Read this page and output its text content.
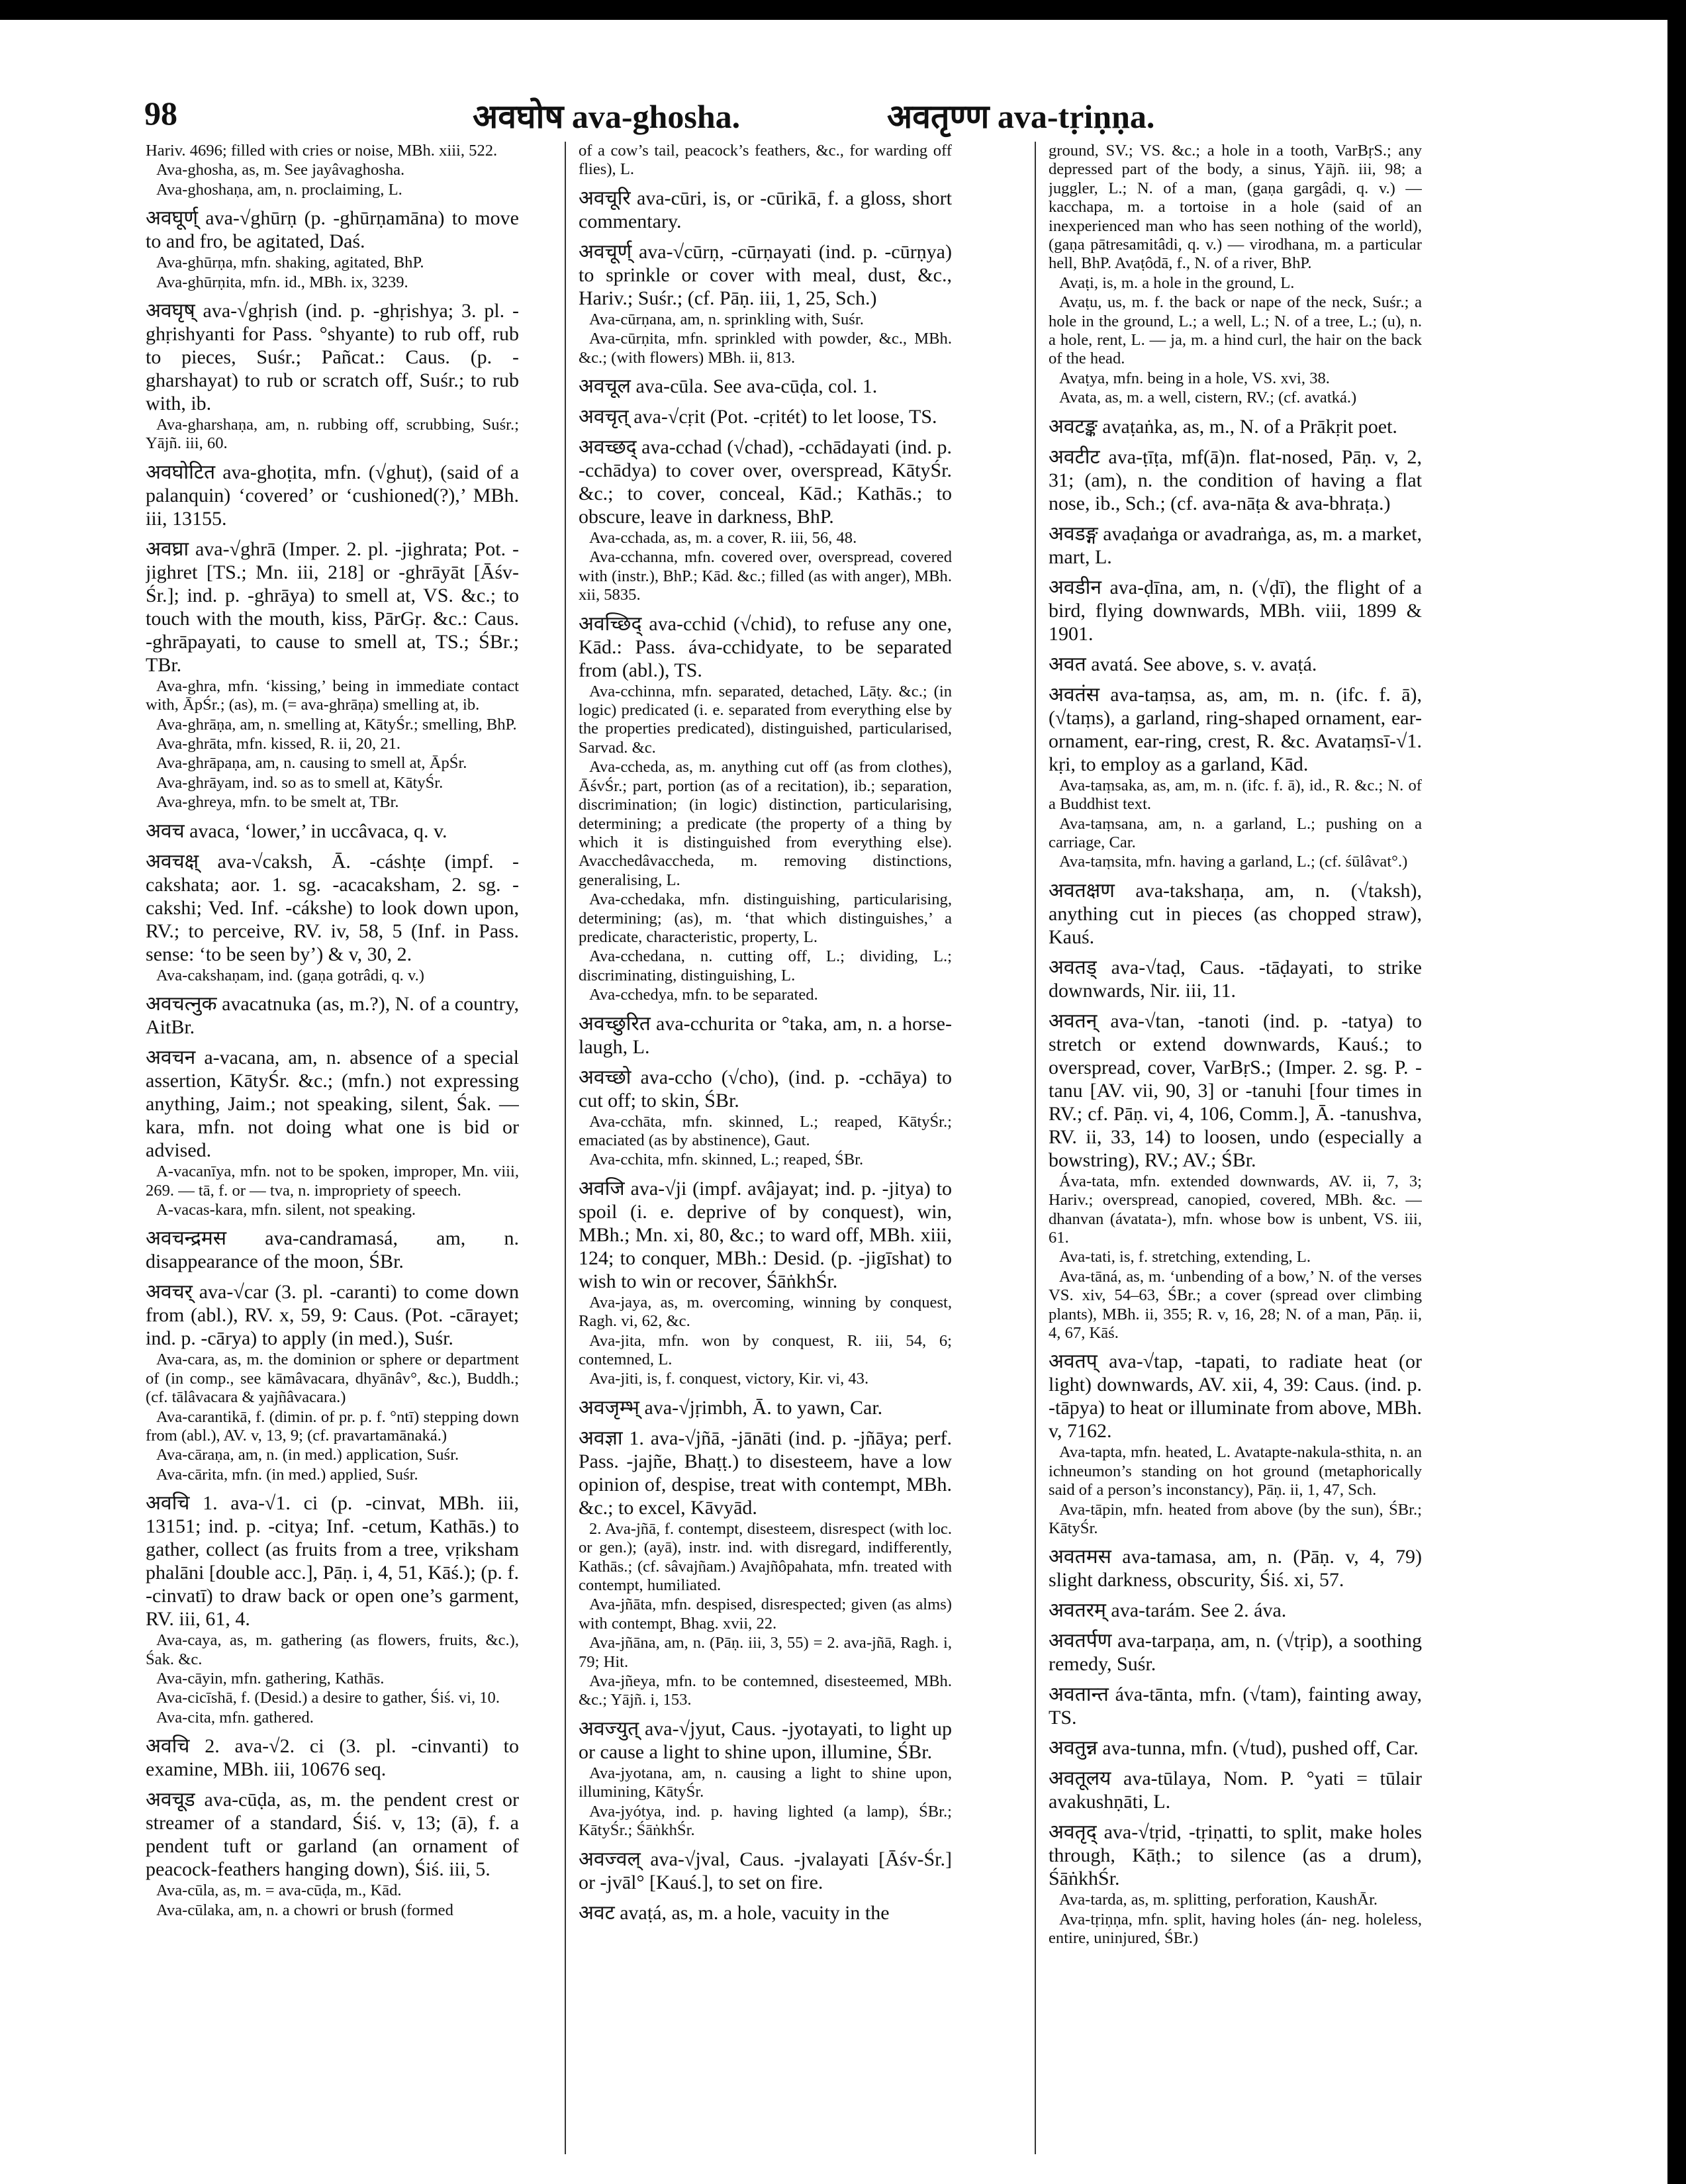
98	अवघोष ava-ghosha.	अवतृण्ण ava-tṛiṇṇa.

Hariv. 4696; filled with cries or noise, MBh. xiii, 522.

Ava-ghosha, as, m. See jayâvaghosha.

Ava-ghoshaṇa, am, n. proclaiming, L.

अवघूर्ण् ava-√ghūrṇ (p. -ghūrṇamāna) to move to and fro, be agitated, Daś.

Ava-ghūrṇa, mfn. shaking, agitated, BhP.

Ava-ghūrṇita, mfn. id., MBh. ix, 3239.

अवघृष् ava-√ghṛish (ind. p. -ghṛishya; 3. pl. -ghṛishyanti for Pass. °shyante) to rub off, rub to pieces, Suśr.; Pañcat.: Caus. (p. -gharshayat) to rub or scratch off, Suśr.; to rub with, ib.

Ava-gharshaṇa, am, n. rubbing off, scrubbing, Suśr.; Yājñ. iii, 60.

अवघोटित ava-ghoṭita, mfn. (√ghuṭ), (said of a palanquin) ‘covered’ or ‘cushioned(?),’ MBh. iii, 13155.

अवघ्रा ava-√ghrā (Imper. 2. pl. -jighrata; Pot. -jighret [TS.; Mn. iii, 218] or -ghrāyāt [Āśv-Śr.]; ind. p. -ghrāya) to smell at, VS. &c.; to touch with the mouth, kiss, PārGṛ. &c.: Caus. -ghrāpayati, to cause to smell at, TS.; ŚBr.; TBr.

Ava-ghra, mfn. ‘kissing,’ being in immediate contact with, ĀpŚr.; (as), m. (= ava-ghrāṇa) smelling at, ib.

Ava-ghrāṇa, am, n. smelling at, KātyŚr.; smelling, BhP.

Ava-ghrāta, mfn. kissed, R. ii, 20, 21.

Ava-ghrāpaṇa, am, n. causing to smell at, ĀpŚr.

Ava-ghrāyam, ind. so as to smell at, KātyŚr.

Ava-ghreya, mfn. to be smelt at, TBr.

अवच avaca, ‘lower,’ in uccâvaca, q. v.

अवचक्ष् ava-√caksh, Ā. -cáshṭe (impf. -cakshata; aor. 1. sg. -acacaksham, 2. sg. -cakshi; Ved. Inf. -cákshe) to look down upon, RV.; to perceive, RV. iv, 58, 5 (Inf. in Pass. sense: ‘to be seen by’) & v, 30, 2.

Ava-cakshaṇam, ind. (gaṇa gotrâdi, q. v.)

अवचत्नुक avacatnuka (as, m.?), N. of a country, AitBr.

अवचन a-vacana, am, n. absence of a special assertion, KātyŚr. &c.; (mfn.) not expressing anything, Jaim.; not speaking, silent, Śak. — kara, mfn. not doing what one is bid or advised.

A-vacanīya, mfn. not to be spoken, improper, Mn. viii, 269. — tā, f. or — tva, n. impropriety of speech.

A-vacas-kara, mfn. silent, not speaking.

अवचन्द्रमस ava-candramasá, am, n. disappearance of the moon, ŚBr.

अवचर् ava-√car (3. pl. -caranti) to come down from (abl.), RV. x, 59, 9: Caus. (Pot. -cārayet; ind. p. -cārya) to apply (in med.), Suśr.

Ava-cara, as, m. the dominion or sphere or department of (in comp., see kāmâvacara, dhyānâv°, &c.), Buddh.; (cf. tālâvacara & yajñâvacara.)

Ava-carantikā, f. (dimin. of pr. p. f. °ntī) stepping down from (abl.), AV. v, 13, 9; (cf. pravartamānaká.)

Ava-cāraṇa, am, n. (in med.) application, Suśr.

Ava-cārita, mfn. (in med.) applied, Suśr.

अवचि 1. ava-√1. ci (p. -cinvat, MBh. iii, 13151; ind. p. -citya; Inf. -cetum, Kathās.) to gather, collect (as fruits from a tree, vṛiksham phalāni [double acc.], Pāṇ. i, 4, 51, Kāś.); (p. f. -cinvatī) to draw back or open one’s garment, RV. iii, 61, 4.

Ava-caya, as, m. gathering (as flowers, fruits, &c.), Śak. &c.

Ava-cāyin, mfn. gathering, Kathās.

Ava-cicīshā, f. (Desid.) a desire to gather, Śiś. vi, 10.

Ava-cita, mfn. gathered.

अवचि 2. ava-√2. ci (3. pl. -cinvanti) to examine, MBh. iii, 10676 seq.

अवचूड ava-cūḍa, as, m. the pendent crest or streamer of a standard, Śiś. v, 13; (ā), f. a pendent tuft or garland (an ornament of peacock-feathers hanging down), Śiś. iii, 5.

Ava-cūla, as, m. = ava-cūḍa, m., Kād.

Ava-cūlaka, am, n. a chowri or brush (formed

of a cow’s tail, peacock’s feathers, &c., for warding off flies), L.

अवचूरि ava-cūri, is, or -cūrikā, f. a gloss, short commentary.

अवचूर्ण् ava-√cūrṇ, -cūrṇayati (ind. p. -cūrṇya) to sprinkle or cover with meal, dust, &c., Hariv.; Suśr.; (cf. Pāṇ. iii, 1, 25, Sch.)

Ava-cūrṇana, am, n. sprinkling with, Suśr.

Ava-cūrṇita, mfn. sprinkled with powder, &c., MBh. &c.; (with flowers) MBh. ii, 813.

अवचूल ava-cūla. See ava-cūḍa, col. 1.

अवचृत् ava-√cṛit (Pot. -cṛitét) to let loose, TS.

अवच्छद् ava-cchad (√chad), -cchādayati (ind. p. -cchādya) to cover over, overspread, KātyŚr. &c.; to cover, conceal, Kād.; Kathās.; to obscure, leave in darkness, BhP.

Ava-cchada, as, m. a cover, R. iii, 56, 48.

Ava-cchanna, mfn. covered over, overspread, covered with (instr.), BhP.; Kād. &c.; filled (as with anger), MBh. xii, 5835.

अवच्छिद् ava-cchid (√chid), to refuse any one, Kād.: Pass. áva-cchidyate, to be separated from (abl.), TS.

Ava-cchinna, mfn. separated, detached, Lāṭy. &c.; (in logic) predicated (i. e. separated from everything else by the properties predicated), distinguished, particularised, Sarvad. &c.

Ava-ccheda, as, m. anything cut off (as from clothes), ĀśvŚr.; part, portion (as of a recitation), ib.; separation, discrimination; (in logic) distinction, particularising, determining; a predicate (the property of a thing by which it is distinguished from everything else). Avacchedâvaccheda, m. removing distinctions, generalising, L.

Ava-cchedaka, mfn. distinguishing, particularising, determining; (as), m. ‘that which distinguishes,’ a predicate, characteristic, property, L.

Ava-cchedana, n. cutting off, L.; dividing, L.; discriminating, distinguishing, L.

Ava-cchedya, mfn. to be separated.

अवच्छुरित ava-cchurita or °taka, am, n. a horse-laugh, L.

अवच्छो ava-ccho (√cho), (ind. p. -cchāya) to cut off; to skin, ŚBr.

Ava-cchāta, mfn. skinned, L.; reaped, KātyŚr.; emaciated (as by abstinence), Gaut.

Ava-cchita, mfn. skinned, L.; reaped, ŚBr.

अवजि ava-√ji (impf. avâjayat; ind. p. -jitya) to spoil (i. e. deprive of by conquest), win, MBh.; Mn. xi, 80, &c.; to ward off, MBh. xiii, 124; to conquer, MBh.: Desid. (p. -jigīshat) to wish to win or recover, ŚāṅkhŚr.

Ava-jaya, as, m. overcoming, winning by conquest, Ragh. vi, 62, &c.

Ava-jita, mfn. won by conquest, R. iii, 54, 6; contemned, L.

Ava-jiti, is, f. conquest, victory, Kir. vi, 43.

अवजृम्भ् ava-√jṛimbh, Ā. to yawn, Car.

अवज्ञा 1. ava-√jñā, -jānāti (ind. p. -jñāya; perf. Pass. -jajñe, Bhaṭṭ.) to disesteem, have a low opinion of, despise, treat with contempt, MBh. &c.; to excel, Kāvyād.

2. Ava-jñā, f. contempt, disesteem, disrespect (with loc. or gen.); (ayā), instr. ind. with disregard, indifferently, Kathās.; (cf. sâvajñam.) Avajñôpahata, mfn. treated with contempt, humiliated.

Ava-jñāta, mfn. despised, disrespected; given (as alms) with contempt, Bhag. xvii, 22.

Ava-jñāna, am, n. (Pāṇ. iii, 3, 55) = 2. ava-jñā, Ragh. i, 79; Hit.

Ava-jñeya, mfn. to be contemned, disesteemed, MBh. &c.; Yājñ. i, 153.

अवज्युत् ava-√jyut, Caus. -jyotayati, to light up or cause a light to shine upon, illumine, ŚBr.

Ava-jyotana, am, n. causing a light to shine upon, illumining, KātyŚr.

Ava-jyótya, ind. p. having lighted (a lamp), ŚBr.; KātyŚr.; ŚāṅkhŚr.

अवज्वल् ava-√jval, Caus. -jvalayati [Āśv-Śr.] or -jvāl° [Kauś.], to set on fire.

अवट avaṭá, as, m. a hole, vacuity in the

ground, SV.; VS. &c.; a hole in a tooth, VarBṛS.; any depressed part of the body, a sinus, Yājñ. iii, 98; a juggler, L.; N. of a man, (gaṇa gargâdi, q. v.) — kacchapa, m. a tortoise in a hole (said of an inexperienced man who has seen nothing of the world), (gaṇa pātresamitâdi, q. v.) — virodhana, m. a particular hell, BhP. Avaṭôdā, f., N. of a river, BhP.

Avaṭi, is, m. a hole in the ground, L.

Avaṭu, us, m. f. the back or nape of the neck, Suśr.; a hole in the ground, L.; a well, L.; N. of a tree, L.; (u), n. a hole, rent, L. — ja, m. a hind curl, the hair on the back of the head.

Avaṭya, mfn. being in a hole, VS. xvi, 38.

Avata, as, m. a well, cistern, RV.; (cf. avatká.)

अवटङ्क avaṭaṅka, as, m., N. of a Prākṛit poet.

अवटीट ava-ṭīṭa, mf(ā)n. flat-nosed, Pāṇ. v, 2, 31; (am), n. the condition of having a flat nose, ib., Sch.; (cf. ava-nāṭa & ava-bhraṭa.)

अवडङ्ग avaḍaṅga or avadraṅga, as, m. a market, mart, L.

अवडीन ava-ḍīna, am, n. (√ḍī), the flight of a bird, flying downwards, MBh. viii, 1899 & 1901.

अवत avatá. See above, s. v. avaṭá.

अवतंस ava-taṃsa, as, am, m. n. (ifc. f. ā), (√taṃs), a garland, ring-shaped ornament, ear-ornament, ear-ring, crest, R. &c. Avataṃsī-√1. kṛi, to employ as a garland, Kād.

Ava-taṃsaka, as, am, m. n. (ifc. f. ā), id., R. &c.; N. of a Buddhist text.

Ava-taṃsana, am, n. a garland, L.; pushing on a carriage, Car.

Ava-taṃsita, mfn. having a garland, L.; (cf. śūlâvat°.)

अवतक्षण ava-takshaṇa, am, n. (√taksh), anything cut in pieces (as chopped straw), Kauś.

अवतड् ava-√taḍ, Caus. -tāḍayati, to strike downwards, Nir. iii, 11.

अवतन् ava-√tan, -tanoti (ind. p. -tatya) to stretch or extend downwards, Kauś.; to overspread, cover, VarBṛS.; (Imper. 2. sg. P. -tanu [AV. vii, 90, 3] or -tanuhi [four times in RV.; cf. Pāṇ. vi, 4, 106, Comm.], Ā. -tanushva, RV. ii, 33, 14) to loosen, undo (especially a bowstring), RV.; AV.; ŚBr.

Áva-tata, mfn. extended downwards, AV. ii, 7, 3; Hariv.; overspread, canopied, covered, MBh. &c. — dhanvan (ávatata-), mfn. whose bow is unbent, VS. iii, 61.

Ava-tati, is, f. stretching, extending, L.

Ava-tāná, as, m. ‘unbending of a bow,’ N. of the verses VS. xiv, 54–63, ŚBr.; a cover (spread over climbing plants), MBh. ii, 355; R. v, 16, 28; N. of a man, Pāṇ. ii, 4, 67, Kāś.

अवतप् ava-√tap, -tapati, to radiate heat (or light) downwards, AV. xii, 4, 39: Caus. (ind. p. -tāpya) to heat or illuminate from above, MBh. v, 7162.

Ava-tapta, mfn. heated, L. Avatapte-nakula-sthita, n. an ichneumon’s standing on hot ground (metaphorically said of a person’s inconstancy), Pāṇ. ii, 1, 47, Sch.

Ava-tāpin, mfn. heated from above (by the sun), ŚBr.; KātyŚr.

अवतमस ava-tamasa, am, n. (Pāṇ. v, 4, 79) slight darkness, obscurity, Śiś. xi, 57.

अवतरम् ava-tarám. See 2. áva.

अवतर्पण ava-tarpaṇa, am, n. (√tṛip), a soothing remedy, Suśr.

अवतान्त áva-tānta, mfn. (√tam), fainting away, TS.

अवतुन्न ava-tunna, mfn. (√tud), pushed off, Car.

अवतूलय ava-tūlaya, Nom. P. °yati = tūlair avakushṇāti, L.

अवतृद् ava-√tṛid, -tṛiṇatti, to split, make holes through, Kāṭh.; to silence (as a drum), ŚāṅkhŚr.

Ava-tarda, as, m. splitting, perforation, KaushĀr.

Ava-tṛiṇṇa, mfn. split, having holes (án- neg. holeless, entire, uninjured, ŚBr.)
